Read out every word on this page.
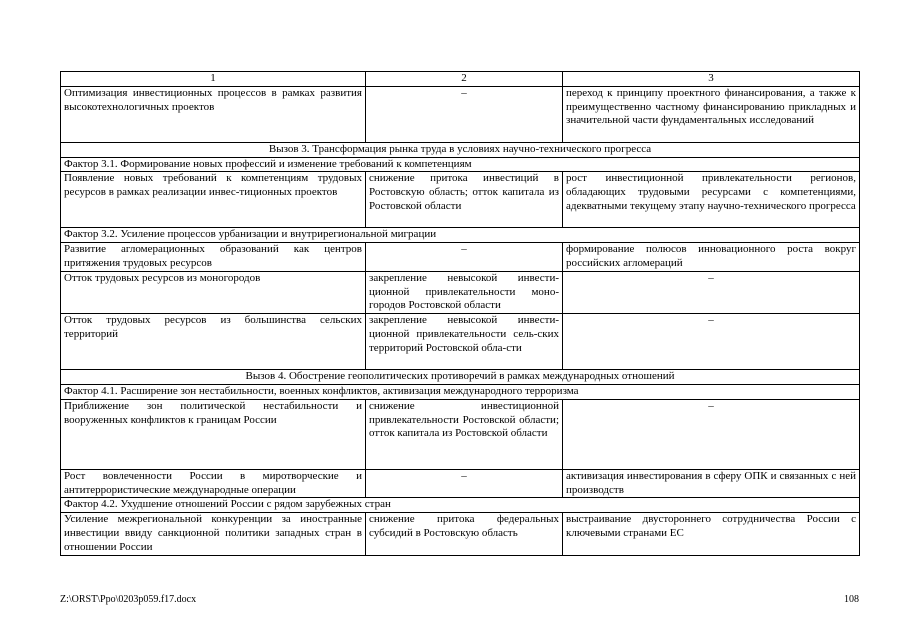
1	2	3
Оптимизация инвестиционных процессов в рамках развития высокотехнологичных проектов	–	переход к принципу проектного финансирования, а также к преимущественно частному финансированию прикладных и значительной части фундаментальных исследований
Вызов 3. Трансформация рынка труда в условиях научно-технического прогресса		
Фактор 3.1. Формирование новых профессий и изменение требований к компетенциям		
Появление новых требований к компетенциям трудовых ресурсов в рамках реализации инвес-тиционных проектов	снижение притока инвестиций в Ростовскую область; отток капитала из Ростовской области	рост инвестиционной привлекательности регионов, обладающих трудовыми ресурсами с компетенциями, адекватными текущему этапу научно-технического прогресса
Фактор 3.2. Усиление процессов урбанизации и внутрирегиональной миграции		
Развитие агломерационных образований как центров притяжения трудовых ресурсов	–	формирование полюсов инновационного роста вокруг российских агломераций
Отток трудовых ресурсов из моногородов	закрепление невысокой инвести-ционной привлекательности моно-городов Ростовской области	–
Отток трудовых ресурсов из большинства сельских территорий	закрепление невысокой инвести-ционной привлекательности сель-ских территорий Ростовской обла-сти	–
Вызов 4. Обострение геополитических противоречий в рамках международных отношений		
Фактор 4.1. Расширение зон нестабильности, военных конфликтов, активизация международного терроризма		
Приближение зон политической нестабильности и вооруженных конфликтов к границам России	снижение инвестиционной привлекательности Ростовской области; отток капитала из Ростовской области	–
Рост вовлеченности России в миротворческие и антитеррористические международные операции	–	активизация инвестирования в сферу ОПК и связанных с ней производств
Фактор 4.2. Ухудшение отношений России с рядом зарубежных стран		
Усиление межрегиональной конкуренции за иностранные инвестиции ввиду санкционной политики западных стран в отношении России	снижение притока федеральных субсидий в Ростовскую область	выстраивание двустороннего сотрудничества России с ключевыми странами ЕС
Z:\ORST\Ppo\0203p059.f17.docx	108
